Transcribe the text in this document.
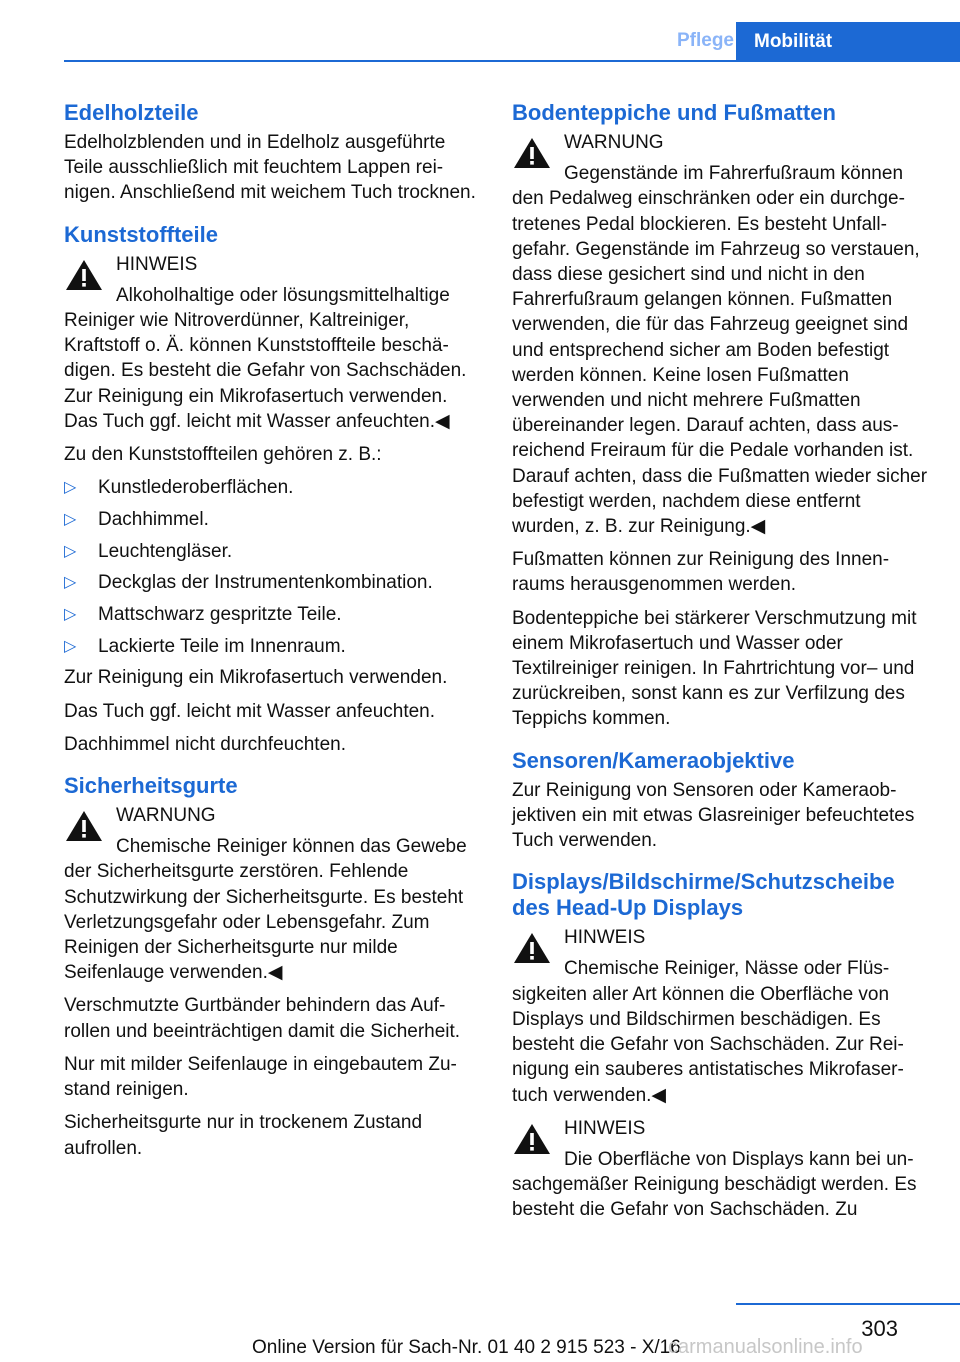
Pflege	Mobilität
Edelholzteile

Edelholzblenden und in Edelholz ausgeführte Teile ausschließlich mit feuchtem Lappen reinigen. Anschließend mit weichem Tuch trocknen.

Kunststoffteile
HINWEIS
Alkoholhaltige oder lösungsmittelhaltige Reiniger wie Nitroverdünner, Kaltreiniger, Kraftstoff o. Ä. können Kunststoffteile beschädigen. Es besteht die Gefahr von Sachschäden. Zur Reinigung ein Mikrofasertuch verwenden. Das Tuch ggf. leicht mit Wasser anfeuchten.◀

Zu den Kunststoffteilen gehören z. B.:

▷ Kunstlederoberflächen.
▷ Dachhimmel.
▷ Leuchtengläser.
▷ Deckglas der Instrumentenkombination.
▷ Mattschwarz gespritzte Teile.
▷ Lackierte Teile im Innenraum.

Zur Reinigung ein Mikrofasertuch verwenden.

Das Tuch ggf. leicht mit Wasser anfeuchten.

Dachhimmel nicht durchfeuchten.

Sicherheitsgurte
WARNUNG
Chemische Reiniger können das Gewebe der Sicherheitsgurte zerstören. Fehlende Schutzwirkung der Sicherheitsgurte. Es besteht Verletzungsgefahr oder Lebensgefahr. Zum Reinigen der Sicherheitsgurte nur milde Seifenlauge verwenden.◀

Verschmutzte Gurtbänder behindern das Aufrollen und beeinträchtigen damit die Sicherheit.

Nur mit milder Seifenlauge in eingebautem Zustand reinigen.

Sicherheitsgurte nur in trockenem Zustand aufrollen.

Bodenteppiche und Fußmatten
WARNUNG
Gegenstände im Fahrerfußraum können den Pedalweg einschränken oder ein durchgetretenes Pedal blockieren. Es besteht Unfallgefahr. Gegenstände im Fahrzeug so verstauen, dass diese gesichert sind und nicht in den Fahrerfußraum gelangen können. Fußmatten verwenden, die für das Fahrzeug geeignet sind und entsprechend sicher am Boden befestigt werden können. Keine losen Fußmatten verwenden und nicht mehrere Fußmatten übereinander legen. Darauf achten, dass ausreichend Freiraum für die Pedale vorhanden ist. Darauf achten, dass die Fußmatten wieder sicher befestigt werden, nachdem diese entfernt wurden, z. B. zur Reinigung.◀

Fußmatten können zur Reinigung des Innenraums herausgenommen werden.

Bodenteppiche bei stärkerer Verschmutzung mit einem Mikrofasertuch und Wasser oder Textilreiniger reinigen. In Fahrtrichtung vor– und zurückreiben, sonst kann es zur Verfilzung des Teppichs kommen.

Sensoren/Kameraobjektive

Zur Reinigung von Sensoren oder Kameraobjektiven ein mit etwas Glasreiniger befeuchtetes Tuch verwenden.

Displays/Bildschirme/Schutzscheibe des Head-Up Displays
HINWEIS
Chemische Reiniger, Nässe oder Flüssigkeiten aller Art können die Oberfläche von Displays und Bildschirmen beschädigen. Es besteht die Gefahr von Sachschäden. Zur Reinigung ein sauberes antistatisches Mikrofasertuch verwenden.◀
HINWEIS
Die Oberfläche von Displays kann bei unsachgemäßer Reinigung beschädigt werden. Es besteht die Gefahr von Sachschäden. Zu
303
Online Version für Sach-Nr. 01 40 2 915 523 - X/16
carmanualsonline.info
